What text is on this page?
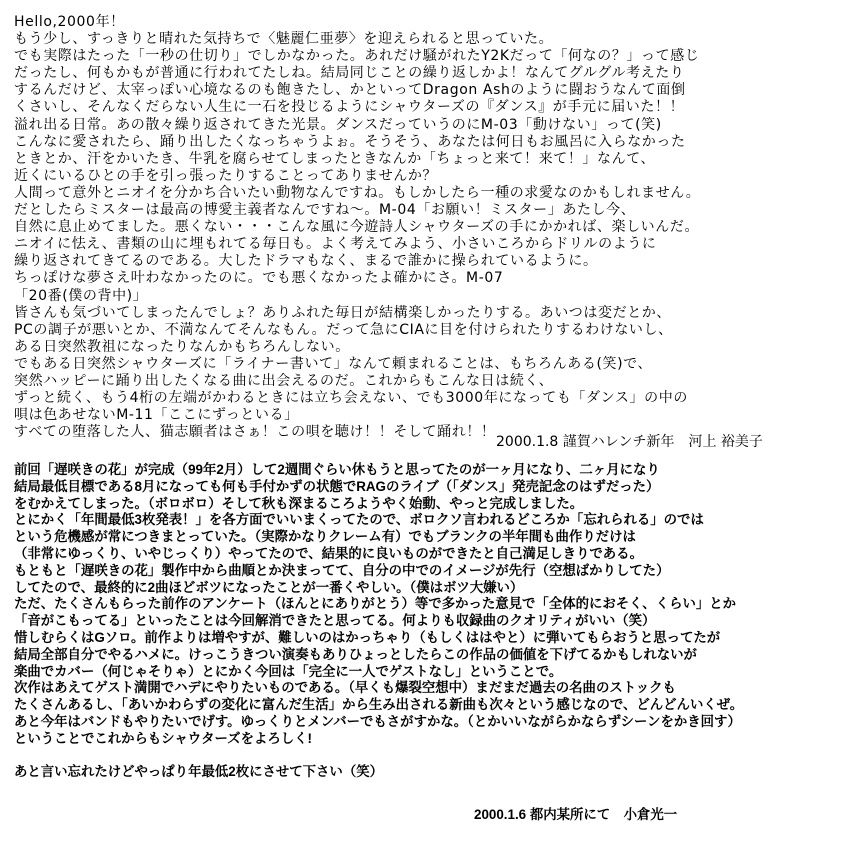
Hello,2000年！
もう少し、すっきりと晴れた気持ちで〈魅麗仁亜夢〉を迎えられると思っていた。
でも実際はたった「一秒の仕切り」でしかなかった。あれだけ騒がれたY2Kだって「何なの？」って感じ
だったし、何もかもが普通に行われてたしね。結局同じことの繰り返しかよ！なんてグルグル考えたり
するんだけど、太宰っぽい心境なるのも飽きたし、かといってDragon Ashのように闘おうなんて面倒
くさいし、そんなくだらない人生に一石を投じるようにシャウターズの『ダンス』が手元に届いた！！
溢れ出る日常。あの散々繰り返されてきた光景。ダンスだっていうのにM-03「動けない」って(笑)
こんなに愛されたら、踊り出したくなっちゃうよぉ。そうそう、あなたは何日もお風呂に入らなかった
ときとか、汗をかいたき、牛乳を腐らせてしまったときなんか「ちょっと来て！来て！」なんて、
近くにいるひとの手を引っ張ったりすることってありませんか？
人間って意外とニオイを分かち合いたい動物なんですね。もしかしたら一種の求愛なのかもしれません。
だとしたらミスターは最高の博愛主義者なんですね～。M-04「お願い！ミスター」あたし今、
自然に息止めてました。悪くない・・・こんな風に今遊詩人シャウターズの手にかかれば、楽しいんだ。
ニオイに怯え、書類の山に埋もれてる毎日も。よく考えてみよう、小さいころからドリルのように
繰り返されてきてるのである。大したドラマもなく、まるで誰かに操られているように。
ちっぽけな夢さえ叶わなかったのに。でも悪くなかったよ確かにさ。M-07
「20番(僕の背中)」
皆さんも気づいてしまったんでしょ？ありふれた毎日が結構楽しかったりする。あいつは変だとか、
PCの調子が悪いとか、不満なんてそんなもん。だって急にCIAに目を付けられたりするわけないし、
ある日突然教祖になったりなんかもちろんしない。
でもある日突然シャウターズに「ライナー書いて」なんて頼まれることは、もちろんある(笑)で、
突然ハッピーに踊り出したくなる曲に出会えるのだ。これからもこんな日は続く、
ずっと続く、もう4桁の左端がかわるときには立ち会えない、でも3000年になっても「ダンス」の中の
唄は色あせないM-11「ここにずっといる」
すべての堕落した人、猫志願者はさぁ！この唄を聴け！！そして踊れ！！
2000.1.8 謹賀ハレンチ新年　河上 裕美子
前回「遅咲きの花」が完成（99年2月）して2週間ぐらい休もうと思ってたのが一ヶ月になり、二ヶ月になり
結局最低目標である8月になっても何も手付かずの状態でRAGのライブ（「ダンス」発売記念のはずだった）
をむかえてしまった。（ボロボロ）そして秋も深まるころようやく始動、やっと完成しました。
とにかく「年間最低3枚発表！」を各方面でいいまくってたので、ボロクソ言われるどころか「忘れられる」のでは
という危機感が常につきまとっていた。（実際かなりクレーム有）でもブランクの半年間も曲作りだけは
（非常にゆっくり、いやじっくり）やってたので、結果的に良いものができたと自己満足しきりである。
もともと「遅咲きの花」製作中から曲順とか決まってて、自分の中でのイメージが先行（空想ばかりしてた）
してたので、最終的に2曲ほどボツになったことが一番くやしい。（僕はボツ大嫌い）
ただ、たくさんもらった前作のアンケート（ほんとにありがとう）等で多かった意見で「全体的におそく、くらい」とか
「音がこもってる」といったことは今回解消できたと思ってる。何よりも収録曲のクオリティがいい（笑）
惜しむらくはGソロ。前作よりは増やすが、難しいのはかっちゃり（もしくははやと）に弾いてもらおうと思ってたが
結局全部自分でやるハメに。けっこうきつい演奏もありひょっとしたらこの作品の価値を下げてるかもしれないが
楽曲でカバー（何じゃそりゃ）とにかく今回は「完全に一人でゲストなし」ということで。
次作はあえてゲスト満開でハデにやりたいものである。（早くも爆裂空想中）まだまだ過去の名曲のストックも
たくさんあるし、「あいかわらずの変化に富んだ生活」から生み出される新曲も次々という感じなので、どんどんいくぜ。
あと今年はバンドもやりたいでげす。ゆっくりとメンバーでもさがすかな。（とかいいながらかならずシーンをかき回す）
ということでこれからもシャウターズをよろしく!
あと言い忘れたけどやっぱり年最低2枚にさせて下さい（笑）
2000.1.6 都内某所にて　小倉光一
